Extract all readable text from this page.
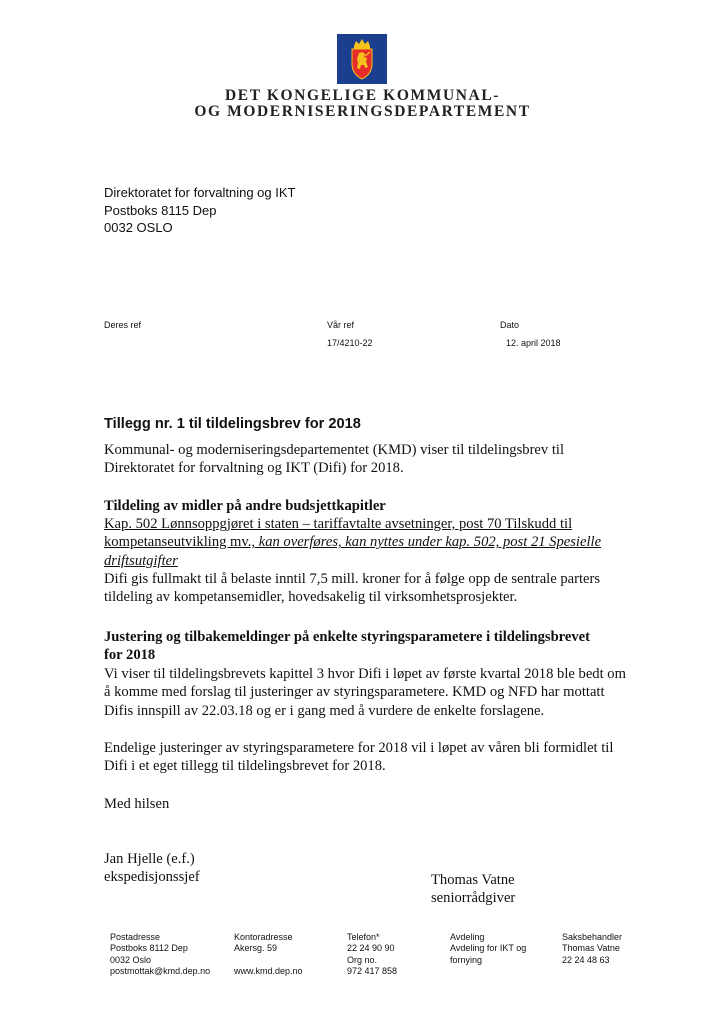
DET KONGELIGE KOMMUNAL-
OG MODERNISERINGSDEPARTEMENT
Direktoratet for forvaltning og IKT
Postboks 8115 Dep
0032 OSLO
Deres ref	Vår ref
17/4210-22
Dato
12. april 2018
Tillegg nr. 1 til tildelingsbrev for 2018
Kommunal- og moderniseringsdepartementet (KMD) viser til tildelingsbrev til
Direktoratet for forvaltning og IKT (Difi) for 2018.
Tildeling av midler på andre budsjettkapitler
Kap. 502 Lønnsoppgjøret i staten – tariffavtalte avsetninger, post 70 Tilskudd til
kompetanseutvikling mv., kan overføres, kan nyttes under kap. 502, post 21 Spesielle
driftsutgifter
Difi gis fullmakt til å belaste inntil 7,5 mill. kroner for å følge opp de sentrale parters
tildeling av kompetansemidler, hovedsakelig til virksomhetsprosjekter.
Justering og tilbakemeldinger på enkelte styringsparametere i tildelingsbrevet
for 2018
Vi viser til tildelingsbrevets kapittel 3 hvor Difi i løpet av første kvartal 2018 ble bedt om
å komme med forslag til justeringer av styringsparametere. KMD og NFD har mottatt
Difis innspill av 22.03.18 og er i gang med å vurdere de enkelte forslagene.
Endelige justeringer av styringsparametere for 2018 vil i løpet av våren bli formidlet til
Difi i et eget tillegg til tildelingsbrevet for 2018.
Med hilsen
Jan Hjelle (e.f.)
ekspedisjonssjef	Thomas Vatne
seniorrådgiver
Postadresse
Postboks 8112 Dep
0032 Oslo
postmottak@kmd.dep.no
Kontoradresse
Akersg. 59
www.kmd.dep.no
Telefon*
22 24 90 90
Org no.
972 417 858
Avdeling
Avdeling for IKT og
fornying
Saksbehandler
Thomas Vatne
22 24 48 63
